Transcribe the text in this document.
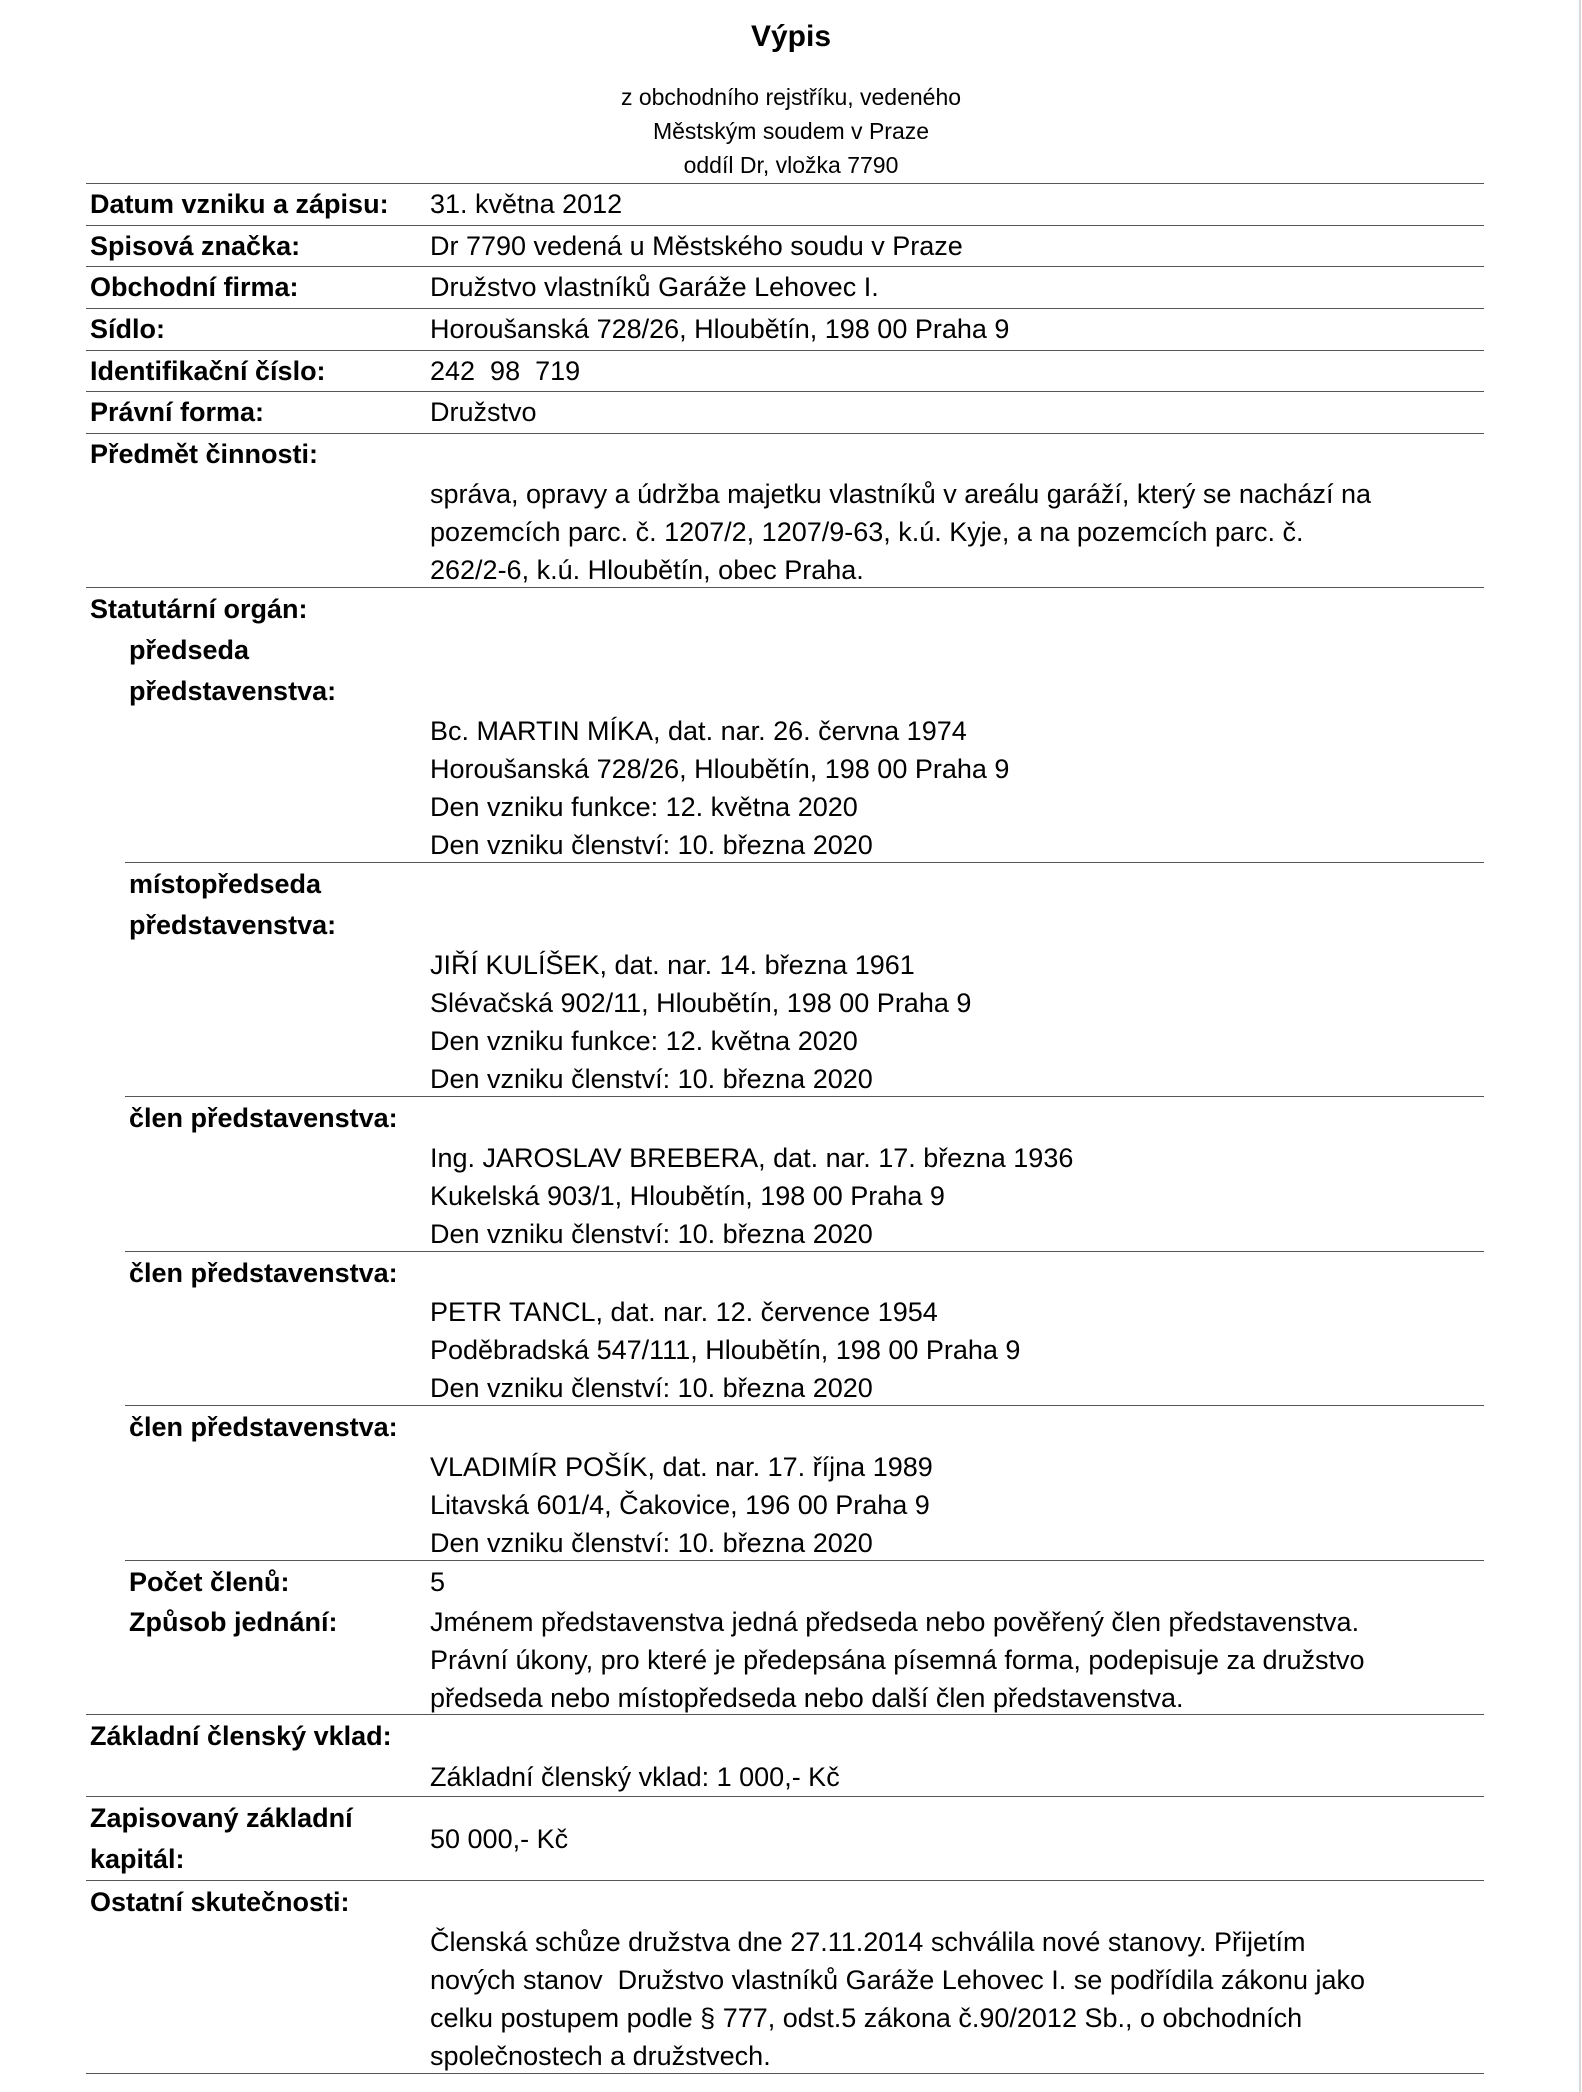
Výpis
z obchodního rejstříku, vedeného
Městským soudem v Praze
oddíl Dr, vložka 7790
Datum vzniku a zápisu: 31. května 2012
Spisová značka:	Dr 7790 vedená u Městského soudu v Praze
Obchodní firma:	Družstvo vlastníků Garáže Lehovec I.
Sídlo:	Horoušanská 728/26, Hloubětín, 198 00 Praha 9
Identifikační číslo:	242  98  719
Právní forma:	Družstvo
Předmět činnosti:
správa, opravy a údržba majetku vlastníků v areálu garáží, který se nachází na
pozemcích parc. č. 1207/2, 1207/9-63, k.ú. Kyje, a na pozemcích parc. č.
262/2-6, k.ú. Hloubětín, obec Praha.
Statutární orgán:
předseda
představenstva:
Bc. MARTIN MÍKA, dat. nar. 26. června 1974
Horoušanská 728/26, Hloubětín, 198 00 Praha 9
Den vzniku funkce: 12. května 2020
Den vzniku členství: 10. března 2020
místopředseda
představenstva:
JIŘÍ KULÍŠEK, dat. nar. 14. března 1961
Slévačská 902/11, Hloubětín, 198 00 Praha 9
Den vzniku funkce: 12. května 2020
Den vzniku členství: 10. března 2020
člen představenstva:
Ing. JAROSLAV BREBERA, dat. nar. 17. března 1936
Kukelská 903/1, Hloubětín, 198 00 Praha 9
Den vzniku členství: 10. března 2020
člen představenstva:
PETR TANCL, dat. nar. 12. července 1954
Poděbradská 547/111, Hloubětín, 198 00 Praha 9
Den vzniku členství: 10. března 2020
člen představenstva:
VLADIMÍR POŠÍK, dat. nar. 17. října 1989
Litavská 601/4, Čakovice, 196 00 Praha 9
Den vzniku členství: 10. března 2020
Počet členů:	5
Způsob jednání:	Jménem představenstva jedná předseda nebo pověřený člen představenstva.
Právní úkony, pro které je předepsána písemná forma, podepisuje za družstvo
předseda nebo místopředseda nebo další člen představenstva.
Základní členský vklad:
Základní členský vklad: 1 000,- Kč
Zapisovaný základní
kapitál:
50 000,- Kč
Ostatní skutečnosti:
Členská schůze družstva dne 27.11.2014 schválila nové stanovy. Přijetím
nových stanov  Družstvo vlastníků Garáže Lehovec I. se podřídila zákonu jako
celku postupem podle § 777, odst.5 zákona č.90/2012 Sb., o obchodních
společnostech a družstvech.
